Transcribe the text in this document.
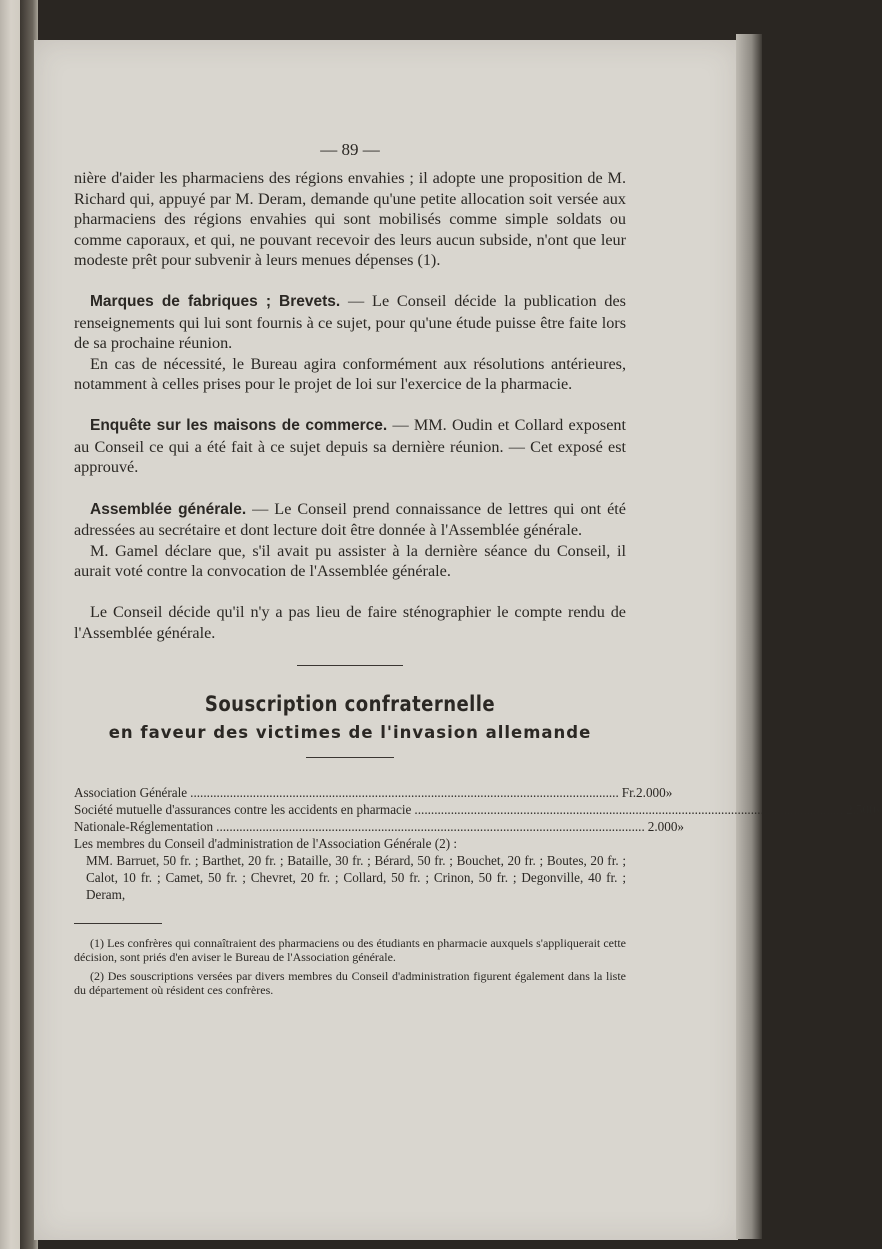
— 89 —

nière d'aider les pharmaciens des régions envahies ; il adopte une proposition de M. Richard qui, appuyé par M. Deram, demande qu'une petite allocation soit versée aux pharmaciens des régions envahies qui sont mobilisés comme simple soldats ou comme caporaux, et qui, ne pouvant recevoir des leurs aucun subside, n'ont que leur modeste prêt pour subvenir à leurs menues dépenses (1).

Marques de fabriques ; Brevets. — Le Conseil décide la publication des renseignements qui lui sont fournis à ce sujet, pour qu'une étude puisse être faite lors de sa prochaine réunion.

En cas de nécessité, le Bureau agira conformément aux résolutions antérieures, notamment à celles prises pour le projet de loi sur l'exercice de la pharmacie.

Enquête sur les maisons de commerce. — MM. Oudin et Collard exposent au Conseil ce qui a été fait à ce sujet depuis sa dernière réunion. — Cet exposé est approuvé.

Assemblée générale. — Le Conseil prend connaissance de lettres qui ont été adressées au secrétaire et dont lecture doit être donnée à l'Assemblée générale.

M. Gamel déclare que, s'il avait pu assister à la dernière séance du Conseil, il aurait voté contre la convocation de l'Assemblée générale.

Le Conseil décide qu'il n'y a pas lieu de faire sténographier le compte rendu de l'Assemblée générale.

Souscription confraternelle
en faveur des victimes de l'invasion allemande
Association Générale .................................................................................................................................. Fr. 2.000 »
Société mutuelle d'assurances contre les accidents en pharmacie .................................................................................................................................. 2.500 »
Nationale-Réglementation .................................................................................................................................. 2.000 »
Les membres du Conseil d'administration de l'Association Générale (2) :
MM. Barruet, 50 fr. ; Barthet, 20 fr. ; Bataille, 30 fr. ; Bérard, 50 fr. ; Bouchet, 20 fr. ; Boutes, 20 fr. ; Calot, 10 fr. ; Camet, 50 fr. ; Chevret, 20 fr. ; Collard, 50 fr. ; Crinon, 50 fr. ; Degonville, 40 fr. ; Deram,

(1) Les confrères qui connaîtraient des pharmaciens ou des étudiants en pharmacie auxquels s'appliquerait cette décision, sont priés d'en aviser le Bureau de l'Association générale.

(2) Des souscriptions versées par divers membres du Conseil d'administration figurent également dans la liste du département où résident ces confrères.
